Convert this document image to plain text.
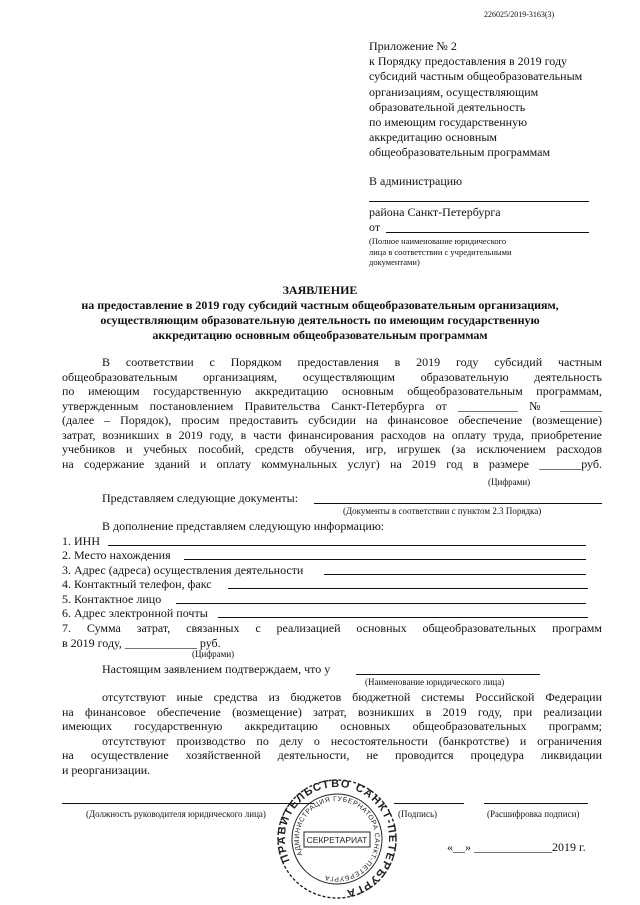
226025/2019-3163(3)
Приложение № 2
к Порядку предоставления в 2019 году
субсидий частным общеобразовательным
организациям, осуществляющим
образовательной деятельность
по имеющим государственную
аккредитацию основным
общеобразовательным программам
В администрацию
района Санкт-Петербурга
от
(Полное наименование юридического
лица в соответствии с учредительными
документами)
ЗАЯВЛЕНИЕ
на предоставление в 2019 году субсидий частным общеобразовательным организациям,
осуществляющим образовательную деятельность по имеющим государственную
аккредитацию основным общеобразовательным программам
В соответствии с Порядком предоставления в 2019 году субсидий частным
общеобразовательным организациям, осуществляющим образовательную деятельность
по имеющим государственную аккредитацию основным общеобразовательным программам,
утвержденным постановлением Правительства Санкт-Петербурга от __________ № _______
(далее – Порядок), просим предоставить субсидии на финансовое обеспечение (возмещение)
затрат, возникших в 2019 году, в части финансирования расходов на оплату труда, приобретение
учебников и учебных пособий, средств обучения, игр, игрушек (за исключением расходов
на содержание зданий и оплату коммунальных услуг) на 2019 год в размере _______руб.
(Цифрами)
Представляем следующие документы:
(Документы в соответствии с пунктом 2.3 Порядка)
В дополнение представляем следующую информацию:
1. ИНН
2. Место нахождения
3. Адрес (адреса) осуществления деятельности
4. Контактный телефон, факс
5. Контактное лицо
6. Адрес электронной почты
7. Сумма затрат, связанных с реализацией основных общеобразовательных программ
в 2019 году, ____________ руб.
(Цифрами)
Настоящим заявлением подтверждаем, что у
(Наименование юридического лица)
отсутствуют иные средства из бюджетов бюджетной системы Российской Федерации
на финансовое обеспечение (возмещение) затрат, возникших в 2019 году, при реализации
имеющих государственную аккредитацию основных общеобразовательных программ;
отсутствуют производство по делу о несостоятельности (банкротстве) и ограничения
на осуществление хозяйственной деятельности, не проводится процедура ликвидации
и реорганизации.
(Должность руководителя юридического лица)	(Подпись)	(Расшифровка подписи)
«__» _____________2019 г.
ПРАВИТЕЛЬСТВО САНКТ-ПЕТЕРБУРГА
АДМИНИСТРАЦИЯ ГУБЕРНАТОРА САНКТ-ПЕТЕРБУРГА
СЕКРЕТАРИАТ
